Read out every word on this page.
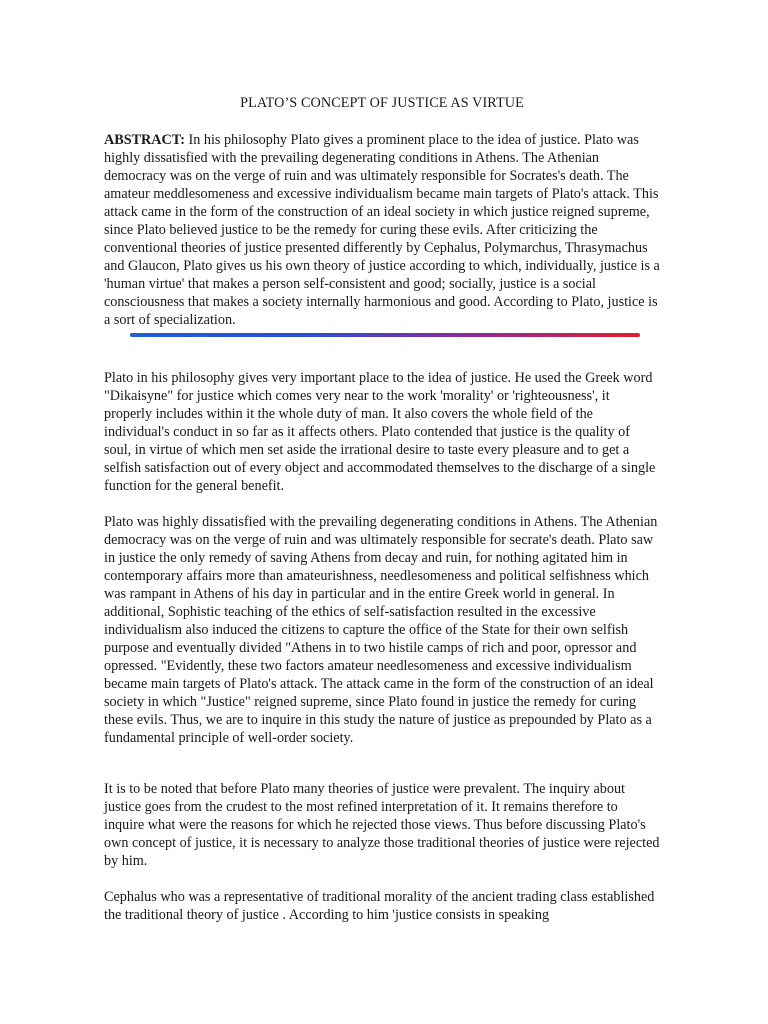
PLATO’S CONCEPT OF JUSTICE AS VIRTUE

ABSTRACT: In his philosophy Plato gives a prominent place to the idea of justice. Plato was highly dissatisfied with the prevailing degenerating conditions in Athens. The Athenian democracy was on the verge of ruin and was ultimately responsible for Socrates's death. The amateur meddlesomeness and excessive individualism became main targets of Plato's attack. This attack came in the form of the construction of an ideal society in which justice reigned supreme, since Plato believed justice to be the remedy for curing these evils. After criticizing the conventional theories of justice presented differently by Cephalus, Polymarchus, Thrasymachus and Glaucon, Plato gives us his own theory of justice according to which, individually, justice is a 'human virtue' that makes a person self-consistent and good; socially, justice is a social consciousness that makes a society internally harmonious and good. According to Plato, justice is a sort of specialization.

Plato in his philosophy gives very important place to the idea of justice. He used the Greek word "Dikaisyne" for justice which comes very near to the work 'morality' or 'righteousness', it properly includes within it the whole duty of man. It also covers the whole field of the individual's conduct in so far as it affects others. Plato contended that justice is the quality of soul, in virtue of which men set aside the irrational desire to taste every pleasure and to get a selfish satisfaction out of every object and accommodated themselves to the discharge of a single function for the general benefit.

Plato was highly dissatisfied with the prevailing degenerating conditions in Athens. The Athenian democracy was on the verge of ruin and was ultimately responsible for secrate's death. Plato saw in justice the only remedy of saving Athens from decay and ruin, for nothing agitated him in contemporary affairs more than amateurishness, needlesomeness and political selfishness which was rampant in Athens of his day in particular and in the entire Greek world in general. In additional, Sophistic teaching of the ethics of self-satisfaction resulted in the excessive individualism also induced the citizens to capture the office of the State for their own selfish purpose and eventually divided "Athens in to two histile camps of rich and poor, opressor and opressed. "Evidently, these two factors amateur needlesomeness and excessive individualism became main targets of Plato's attack. The attack came in the form of the construction of an ideal society in which "Justice" reigned supreme, since Plato found in justice the remedy for curing these evils. Thus, we are to inquire in this study the nature of justice as prepounded by Plato as a fundamental principle of well-order society.

It is to be noted that before Plato many theories of justice were prevalent. The inquiry about justice goes from the crudest to the most refined interpretation of it. It remains therefore to inquire what were the reasons for which he rejected those views. Thus before discussing Plato's own concept of justice, it is necessary to analyze those traditional theories of justice were rejected by him.

Cephalus who was a representative of traditional morality of the ancient trading class established the traditional theory of justice . According to him 'justice consists in speaking
